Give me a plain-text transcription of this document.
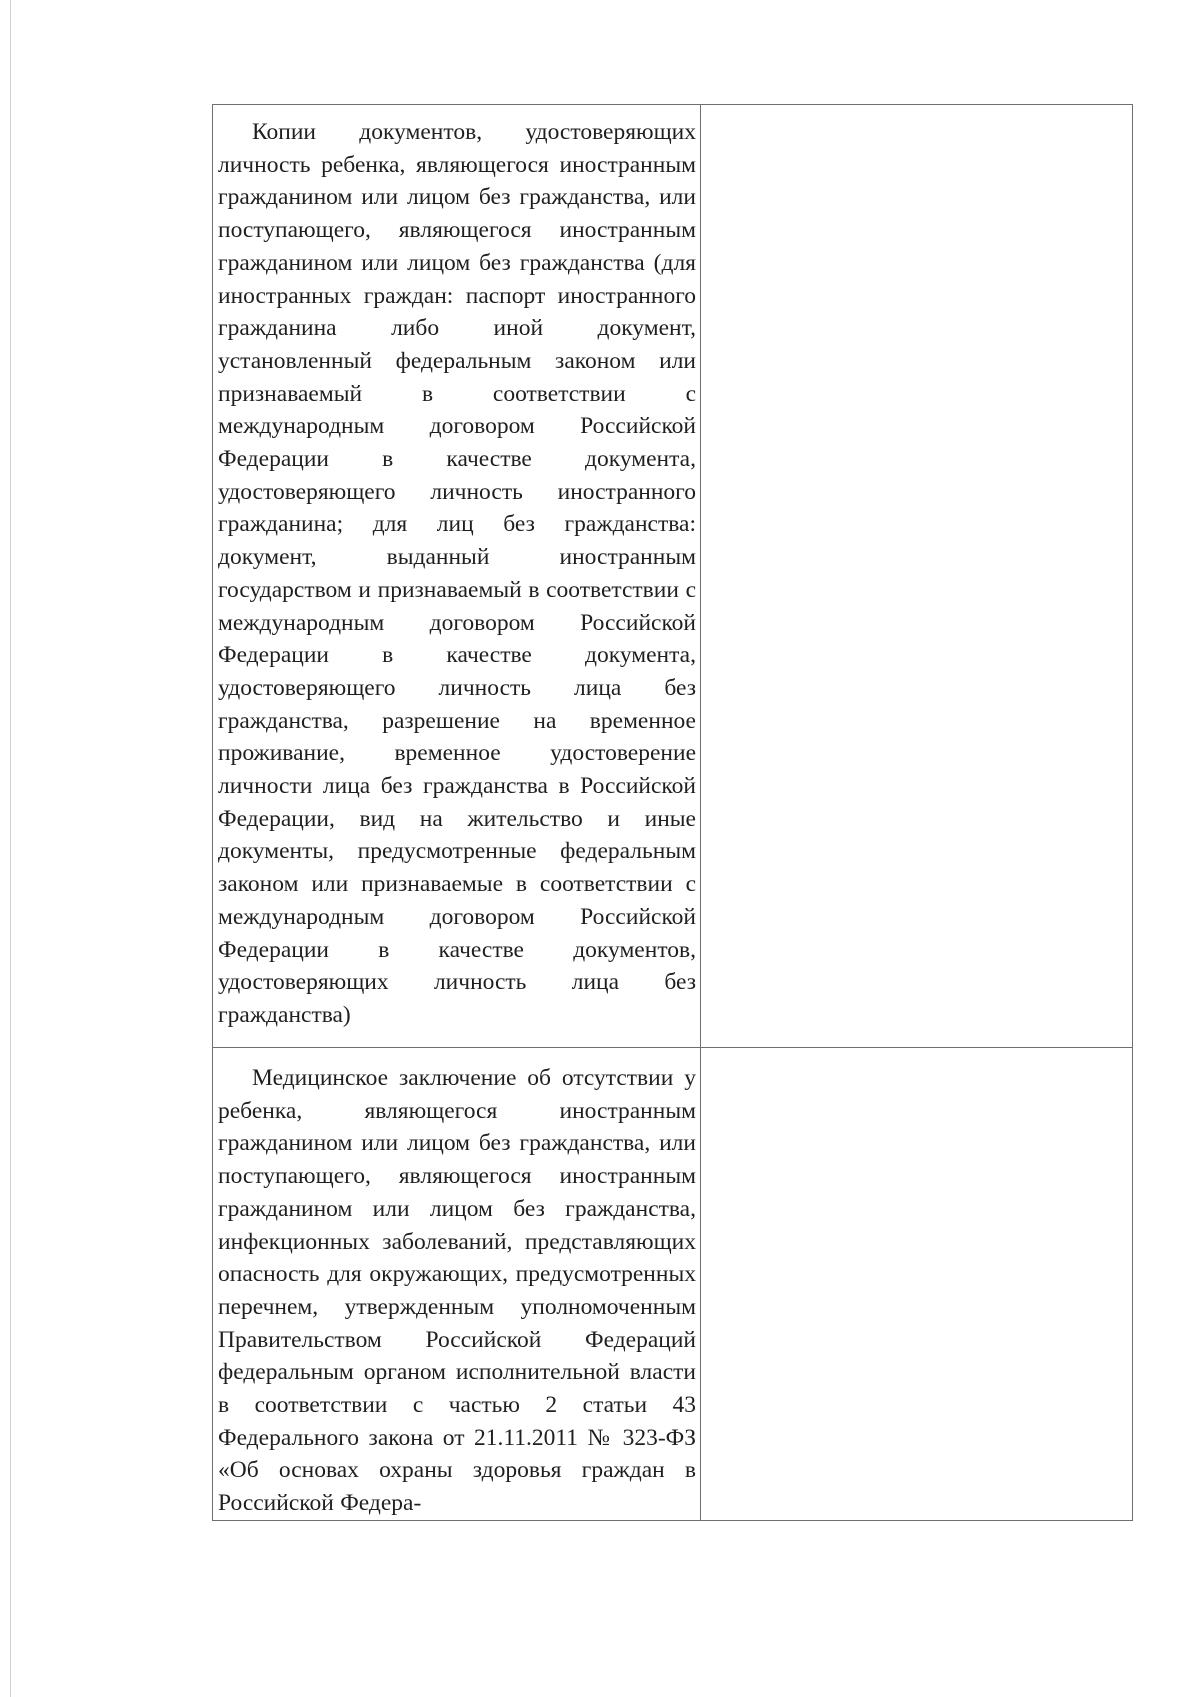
Копии документов, удостоверяющих личность ребенка, являющегося иностранным гражданином или лицом без гражданства, или поступающего, являющегося иностранным гражданином или лицом без гражданства (для иностранных граждан: паспорт иностранного гражданина либо иной документ, установленный федеральным законом или признаваемый в соответствии с международным договором Российской Федерации в качестве документа, удостоверяющего личность иностранного гражданина; для лиц без гражданства: документ, выданный иностранным государством и признаваемый в соответствии с международным договором Российской Федерации в качестве документа, удостоверяющего личность лица без гражданства, разрешение на временное проживание, временное удостоверение личности лица без гражданства в Российской Федерации, вид на жительство и иные документы, предусмотренные федеральным законом или признаваемые в соответствии с международным договором Российской Федерации в качестве документов, удостоверяющих личность лица без гражданства)	

Медицинское заключение об отсутствии у ребенка, являющегося иностранным гражданином или лицом без гражданства, или поступающего, являющегося иностранным гражданином или лицом без гражданства, инфекционных заболеваний, представляющих опасность для окружающих, предусмотренных перечнем, утвержденным уполномоченным Правительством Российской Федераций федеральным органом исполнительной власти в соответствии с частью 2 статьи 43 Федерального закона от 21.11.2011 № 323-ФЗ «Об основах охраны здоровья граждан в Российской Федера-	
